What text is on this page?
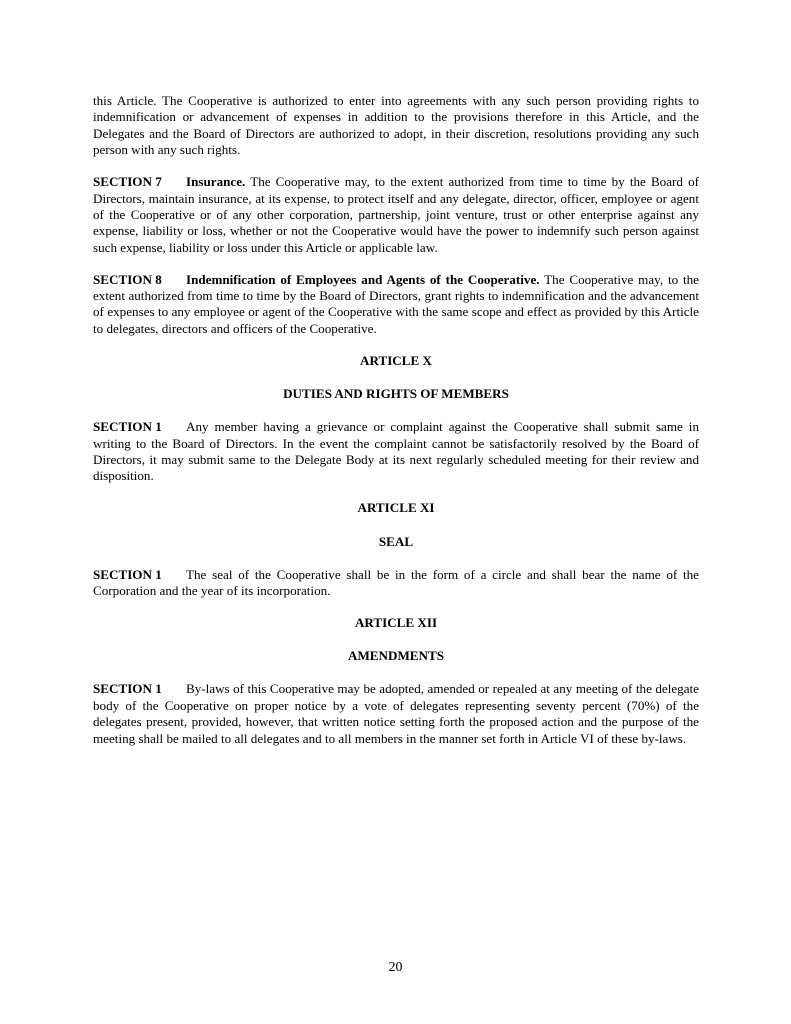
this Article. The Cooperative is authorized to enter into agreements with any such person providing rights to indemnification or advancement of expenses in addition to the provisions therefore in this Article, and the Delegates and the Board of Directors are authorized to adopt, in their discretion, resolutions providing any such person with any such rights.

SECTION 7 Insurance. The Cooperative may, to the extent authorized from time to time by the Board of Directors, maintain insurance, at its expense, to protect itself and any delegate, director, officer, employee or agent of the Cooperative or of any other corporation, partnership, joint venture, trust or other enterprise against any expense, liability or loss, whether or not the Cooperative would have the power to indemnify such person against such expense, liability or loss under this Article or applicable law.

SECTION 8 Indemnification of Employees and Agents of the Cooperative. The Cooperative may, to the extent authorized from time to time by the Board of Directors, grant rights to indemnification and the advancement of expenses to any employee or agent of the Cooperative with the same scope and effect as provided by this Article to delegates, directors and officers of the Cooperative.

ARTICLE X
DUTIES AND RIGHTS OF MEMBERS

SECTION 1 Any member having a grievance or complaint against the Cooperative shall submit same in writing to the Board of Directors. In the event the complaint cannot be satisfactorily resolved by the Board of Directors, it may submit same to the Delegate Body at its next regularly scheduled meeting for their review and disposition.

ARTICLE XI
SEAL

SECTION 1 The seal of the Cooperative shall be in the form of a circle and shall bear the name of the Corporation and the year of its incorporation.

ARTICLE XII
AMENDMENTS

SECTION 1 By-laws of this Cooperative may be adopted, amended or repealed at any meeting of the delegate body of the Cooperative on proper notice by a vote of delegates representing seventy percent (70%) of the delegates present, provided, however, that written notice setting forth the proposed action and the purpose of the meeting shall be mailed to all delegates and to all members in the manner set forth in Article VI of these by-laws.

20
